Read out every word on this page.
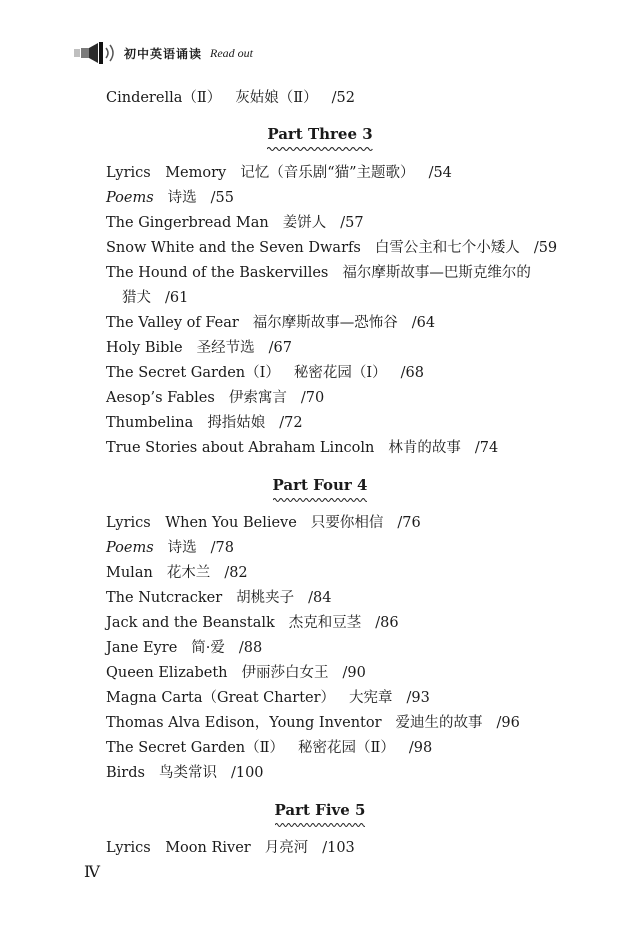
初中英语诵读 Read out
Cinderella（Ⅱ） 灰姑娘（Ⅱ） /52
Part Three 3
Lyrics　Memory 记忆（音乐剧“猫”主题歌） /54
Poems 诗选 /55
The Gingerbread Man 姜饼人 /57
Snow White and the Seven Dwarfs 白雪公主和七个小矮人 /59
The Hound of the Baskervilles 福尔摩斯故事—巴斯克维尔的
猎犬 /61
The Valley of Fear 福尔摩斯故事—恐怖谷 /64
Holy Bible 圣经节选 /67
The Secret Garden（Ⅰ） 秘密花园（Ⅰ） /68
Aesop’s Fables 伊索寓言 /70
Thumbelina 拇指姑娘 /72
True Stories about Abraham Lincoln 林肯的故事 /74
Part Four 4
Lyrics　When You Believe 只要你相信 /76
Poems 诗选 /78
Mulan 花木兰 /82
The Nutcracker 胡桃夹子 /84
Jack and the Beanstalk 杰克和豆茎 /86
Jane Eyre 简·爱 /88
Queen Elizabeth 伊丽莎白女王 /90
Magna Carta（Great Charter） 大宪章 /93
Thomas Alva Edison，Young Inventor 爱迪生的故事 /96
The Secret Garden（Ⅱ） 秘密花园（Ⅱ） /98
Birds 鸟类常识 /100
Part Five 5
Lyrics　Moon River 月亮河 /103
Ⅳ
